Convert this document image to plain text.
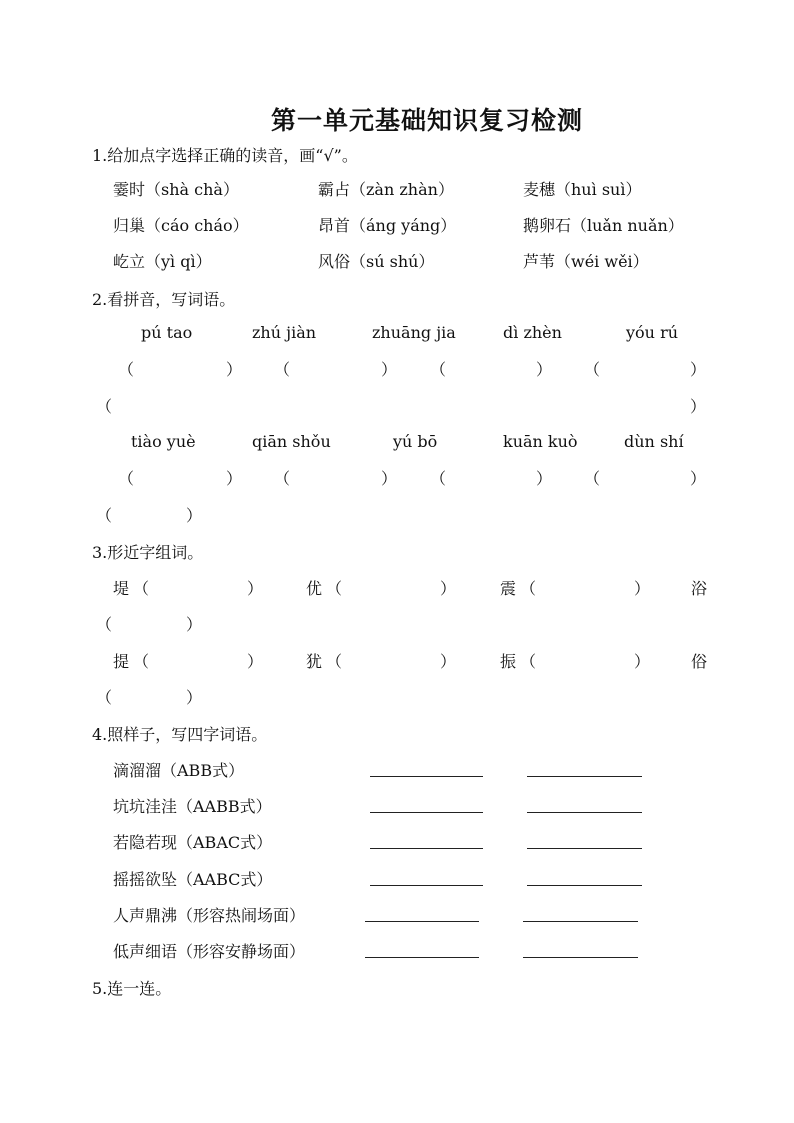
第一单元基础知识复习检测
1.给加点字选择正确的读音，画“√”。
霎时（shà chà）	霸占（zàn zhàn）	麦穗（huì suì）
归巢（cáo cháo）	昂首（áng yáng）	鹅卵石（luǎn nuǎn）
屹立（yì qì）	风俗（sú shú）	芦苇（wéi wěi）
2.看拼音，写词语。
pú tao	zhú jiàn	zhuāng jia	dì zhèn	yóu rú
（	） （	） （	） （	）
（	）
tiào yuè	qiān shǒu	yú bō	kuān kuò	dùn shí
（	） （	） （	） （	）
（	）
3.形近字组词。
堤 （	）	优 （	）	震 （	）	浴
（	）
提 （	）	犹 （	）	振 （	）	俗
（	）
4.照样子，写四字词语。
滴溜溜（ABB式）
坑坑洼洼（AABB式）
若隐若现（ABAC式）
摇摇欲坠（AABC式）
人声鼎沸（形容热闹场面）
低声细语（形容安静场面）
5.连一连。
